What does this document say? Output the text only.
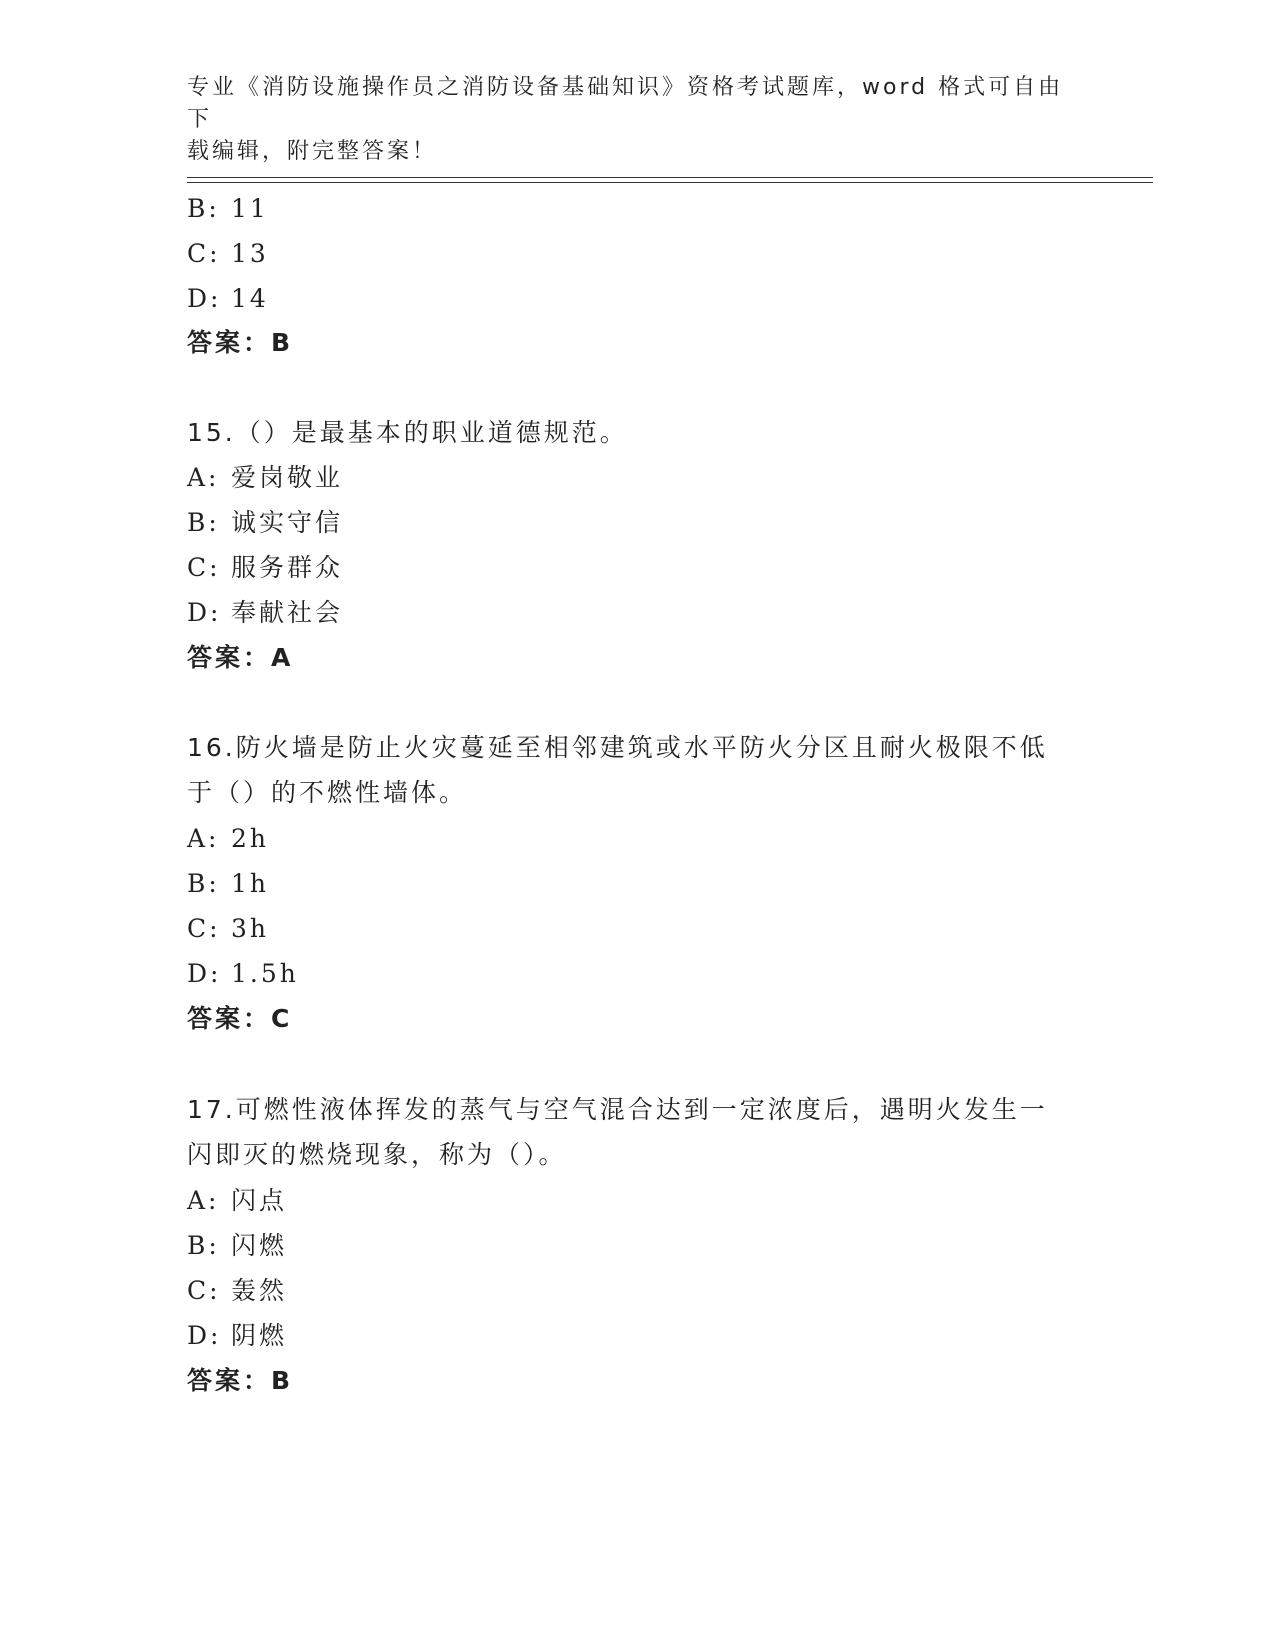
专业《消防设施操作员之消防设备基础知识》资格考试题库，word 格式可自由下
载编辑，附完整答案！
B: 11
C: 13
D: 14
答案：B
15.（）是最基本的职业道德规范。
A: 爱岗敬业
B: 诚实守信
C: 服务群众
D: 奉献社会
答案：A
16.防火墙是防止火灾蔓延至相邻建筑或水平防火分区且耐火极限不低
于（）的不燃性墙体。
A: 2h
B: 1h
C: 3h
D: 1.5h
答案：C
17.可燃性液体挥发的蒸气与空气混合达到一定浓度后，遇明火发生一
闪即灭的燃烧现象，称为（）。
A: 闪点
B: 闪燃
C: 轰然
D: 阴燃
答案：B
